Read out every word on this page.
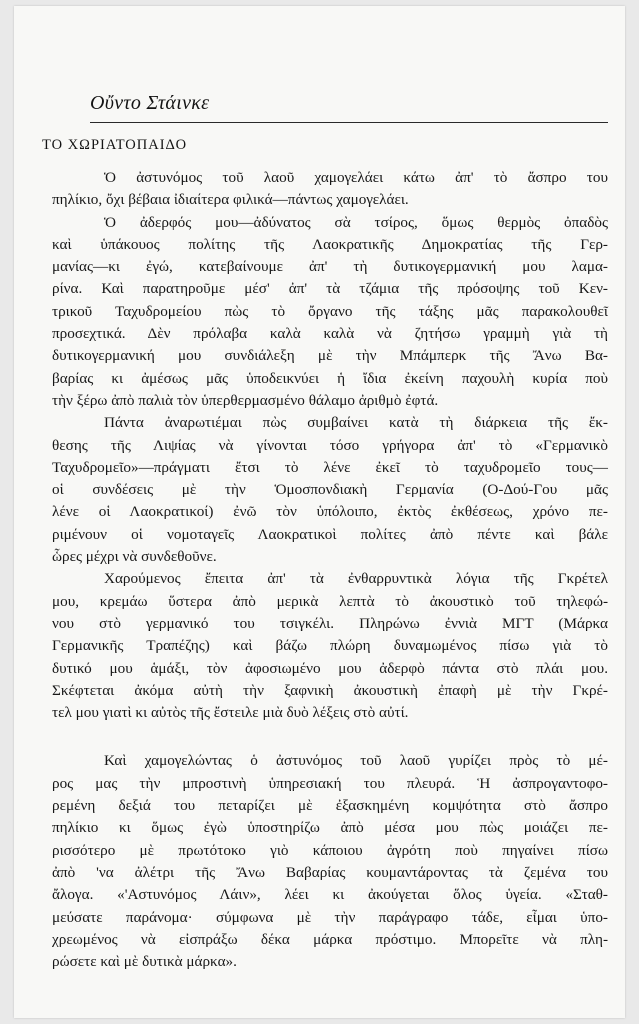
Οὔντο Στάινκε
ΤΟ ΧΩΡΙΑΤΟΠΑΙΔΟ
Ὁ ἀστυνόμος τοῦ λαοῦ χαμογελάει κάτω ἀπ' τὸ ἄσπρο του
πηλίκιο, ὄχι βέβαια ἰδιαίτερα φιλικά—πάντως χαμογελάει.
Ὁ ἀδερφός μου—ἀδύνατος σὰ τσίρος, ὅμως θερμὸς ὀπαδὸς
καὶ ὑπάκουος πολίτης τῆς Λαοκρατικῆς Δημοκρατίας τῆς Γερ-
μανίας—κι ἐγώ, κατεβαίνουμε ἀπ' τὴ δυτικογερμανική μου λαμα-
ρίνα. Καὶ παρατηροῦμε μέσ' ἀπ' τὰ τζάμια τῆς πρόσοψης τοῦ Κεν-
τρικοῦ Ταχυδρομείου πὼς τὸ ὄργανο τῆς τάξης μᾶς παρακολουθεῖ
προσεχτικά. Δὲν πρόλαβα καλὰ καλὰ νὰ ζητήσω γραμμὴ γιὰ τὴ
δυτικογερμανική μου συνδιάλεξη μὲ τὴν Μπάμπερκ τῆς Ἄνω Βα-
βαρίας κι ἀμέσως μᾶς ὑποδεικνύει ἡ ἴδια ἐκείνη παχουλὴ κυρία ποὺ
τὴν ξέρω ἀπὸ παλιὰ τὸν ὑπερθερμασμένο θάλαμο ἀριθμὸ ἐφτά.
Πάντα ἀναρωτιέμαι πὼς συμβαίνει κατὰ τὴ διάρκεια τῆς ἔκ-
θεσης τῆς Λιψίας νὰ γίνονται τόσο γρήγορα ἀπ' τὸ «Γερμανικὸ
Ταχυδρομεῖο»—πράγματι ἔτσι τὸ λένε ἐκεῖ τὸ ταχυδρομεῖο τους—
οἱ συνδέσεις μὲ τὴν Ὁμοσπονδιακὴ Γερμανία (Ο-Δού-Γου μᾶς
λένε οἱ Λαοκρατικοί) ἐνῶ τὸν ὑπόλοιπο, ἐκτὸς ἐκθέσεως, χρόνο πε-
ριμένουν οἱ νομοταγεῖς Λαοκρατικοὶ πολίτες ἀπὸ πέντε καὶ βάλε
ὧρες μέχρι νὰ συνδεθοῦνε.
Χαρούμενος ἔπειτα ἀπ' τὰ ἐνθαρρυντικὰ λόγια τῆς Γκρέτελ
μου, κρεμάω ὕστερα ἀπὸ μερικὰ λεπτὰ τὸ ἀκουστικὸ τοῦ τηλεφώ-
νου στὸ γερμανικό του τσιγκέλι. Πληρώνω ἐννιὰ ΜΓΤ (Μάρκα
Γερμανικῆς Τραπέζης) καὶ βάζω πλώρη δυναμωμένος πίσω γιὰ τὸ
δυτικό μου ἁμάξι, τὸν ἀφοσιωμένο μου ἀδερφὸ πάντα στὸ πλάι μου.
Σκέφτεται ἀκόμα αὐτὴ τὴν ξαφνικὴ ἀκουστικὴ ἐπαφὴ μὲ τὴν Γκρέ-
τελ μου γιατὶ κι αὐτὸς τῆς ἔστειλε μιὰ δυὸ λέξεις στὸ αὐτί.
Καὶ χαμογελώντας ὁ ἀστυνόμος τοῦ λαοῦ γυρίζει πρὸς τὸ μέ-
ρος μας τὴν μπροστινὴ ὑπηρεσιακή του πλευρά. Ἡ ἀσπρογαντοφο-
ρεμένη δεξιά του πεταρίζει μὲ ἐξασκημένη κομψότητα στὸ ἄσπρο
πηλίκιο κι ὅμως ἐγὼ ὑποστηρίζω ἀπὸ μέσα μου πὼς μοιάζει πε-
ρισσότερο μὲ πρωτότοκο γιὸ κάποιου ἀγρότη ποὺ πηγαίνει πίσω
ἀπὸ 'να ἀλέτρι τῆς Ἄνω Βαβαρίας κουμαντάροντας τὰ ζεμένα του
ἄλογα. «'Αστυνόμος Λάιν», λέει κι ἀκούγεται ὅλος ὑγεία. «Σταθ-
μεύσατε παράνομα· σύμφωνα μὲ τὴν παράγραφο τάδε, εἶμαι ὑπο-
χρεωμένος νὰ εἰσπράξω δέκα μάρκα πρόστιμο. Μπορεῖτε νὰ πλη-
ρώσετε καὶ μὲ δυτικὰ μάρκα».
